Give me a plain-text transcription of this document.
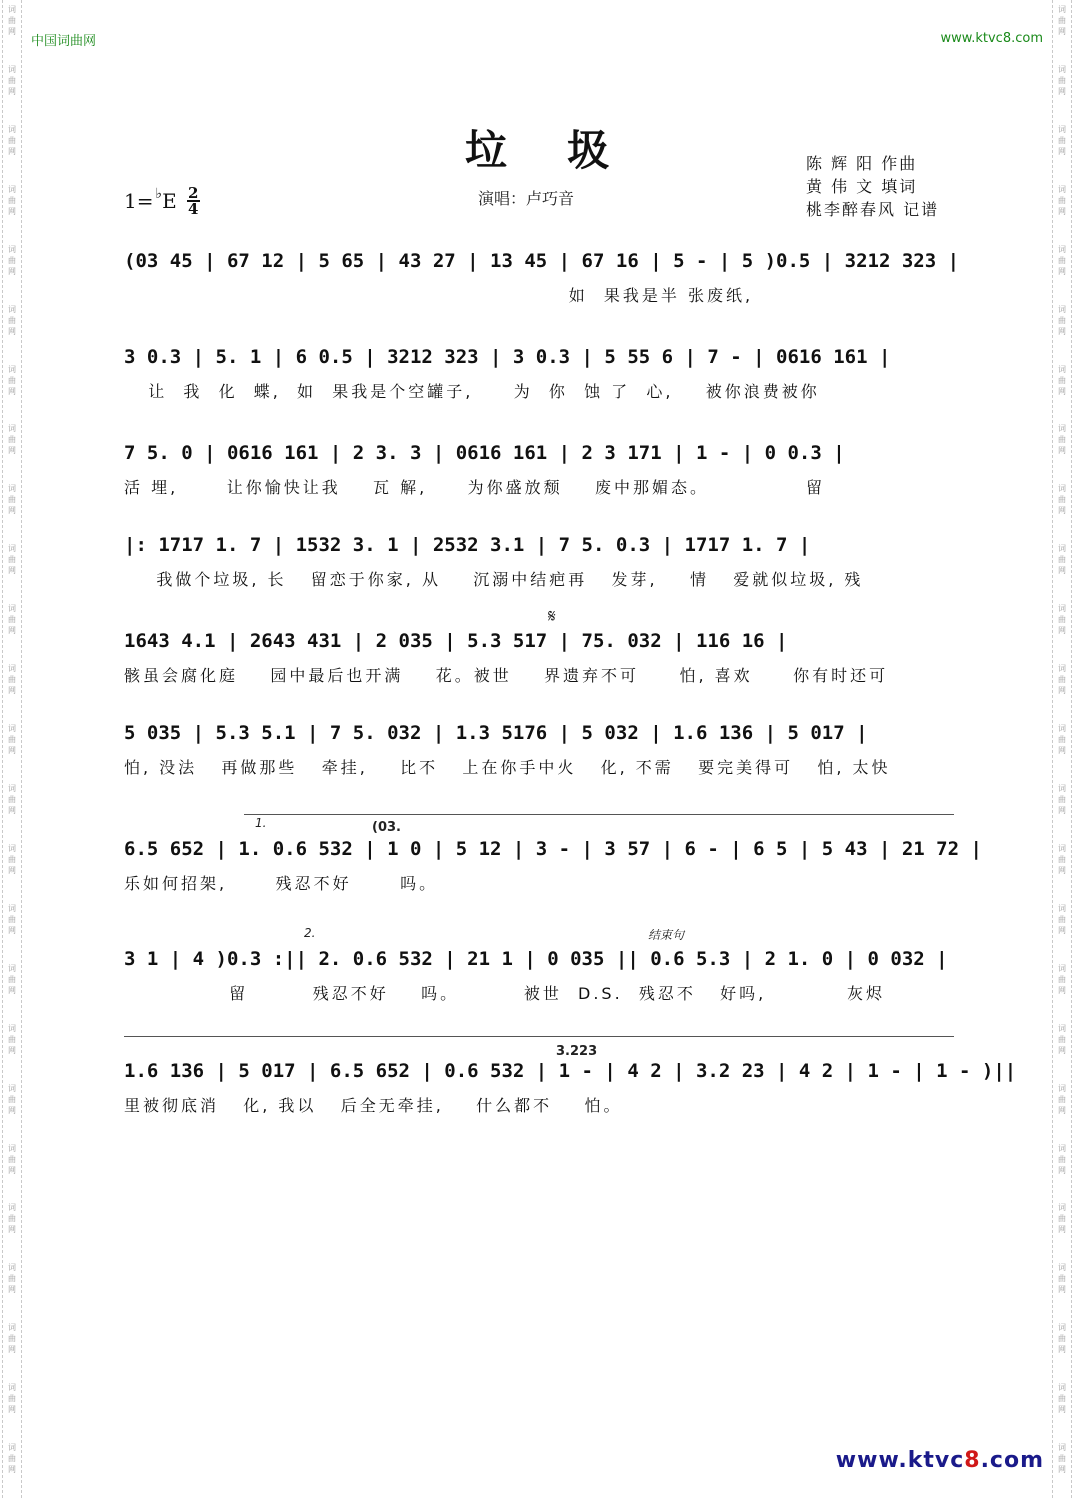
词
曲
网
词
曲
网
词
曲
网
词
曲
网
词
曲
网
词
曲
网
词
曲
网
词
曲
网
词
曲
网
词
曲
网
词
曲
网
词
曲
网
词
曲
网
词
曲
网
词
曲
网
词
曲
网
词
曲
网
词
曲
网
词
曲
网
词
曲
网
词
曲
网
词
曲
网
词
曲
网
词
曲
网
词
曲
网
词
曲
网
词
曲
网
词
曲
网
词
曲
网
词
曲
网
词
曲
网
词
曲
网
词
曲
网
词
曲
网
词
曲
网
词
曲
网
词
曲
网
词
曲
网
词
曲
网
词
曲
网
词
曲
网
词
曲
网
词
曲
网
词
曲
网
词
曲
网
词
曲
网
词
曲
网
词
曲
网
词
曲
网
词
曲
网
中国词曲网	www.ktvc8.com
垃圾
演唱：卢巧音
陈 辉 阳 作曲
黄 伟 文 填词
桃李醉春风 记谱
1= ♭ E $\frac{2}{4}$
(03 45 | 67 12 | 5 65 | 43 27 | 13 45 | 67 16 | 5 - | 5 )0.5 | 3212 323 |
如  果我是半 张废纸,
3 0.3 | 5. 1 | 6 0.5 | 3212 323 | 3 0.3 | 5 55 6 | 7 - | 0616 161 |
让  我  化  蝶,  如  果我是个空罐子,     为  你  蚀 了  心,    被你浪费被你
7 5. 0 | 0616 161 | 2 3. 3 | 0616 161 | 2 3 171 | 1 - | 0 0.3 |
活 埋,      让你愉快让我    瓦 解,     为你盛放颓    废中那媚态。            留
|: 1717 1. 7 | 1532 3. 1 | 2532 3.1 | 7 5. 0.3 | 1717 1. 7 |
我做个垃圾, 长   留恋于你家, 从    沉溺中结疤再   发芽,    情   爱就似垃圾, 残
𝄋
1643 4.1 | 2643 431 | 2 035 | 5.3 517 | 75. 032 | 116 16 |
骸虽会腐化庭    园中最后也开满    花。被世    界遗弃不可     怕, 喜欢     你有时还可
5 035 | 5.3 5.1 | 7 5. 032 | 1.3 5176 | 5 032 | 1.6 136 | 5 017 |
怕, 没法   再做那些   牵挂,    比不   上在你手中火   化, 不需   要完美得可   怕, 太快
1.	(03.
6.5 652 | 1. 0.6 532 | 1 0 | 5 12 | 3 - | 3 57 | 6 - | 6 5 | 5 43 | 21 72 |
乐如何招架,      残忍不好      吗。
2.	结束句
3 1 | 4 )0.3 :|| 2. 0.6 532 | 21 1 | 0 035 || 0.6 5.3 | 2 1. 0 | 0 032 |
留        残忍不好    吗。        被世  D.S.  残忍不   好吗,          灰烬
3.223
1.6 136 | 5 017 | 6.5 652 | 0.6 532 | 1 - | 4 2 | 3.2 23 | 4 2 | 1 - | 1 - )||
里被彻底消   化, 我以   后全无牵挂,    什么都不    怕。
www.ktvc 8 .com
